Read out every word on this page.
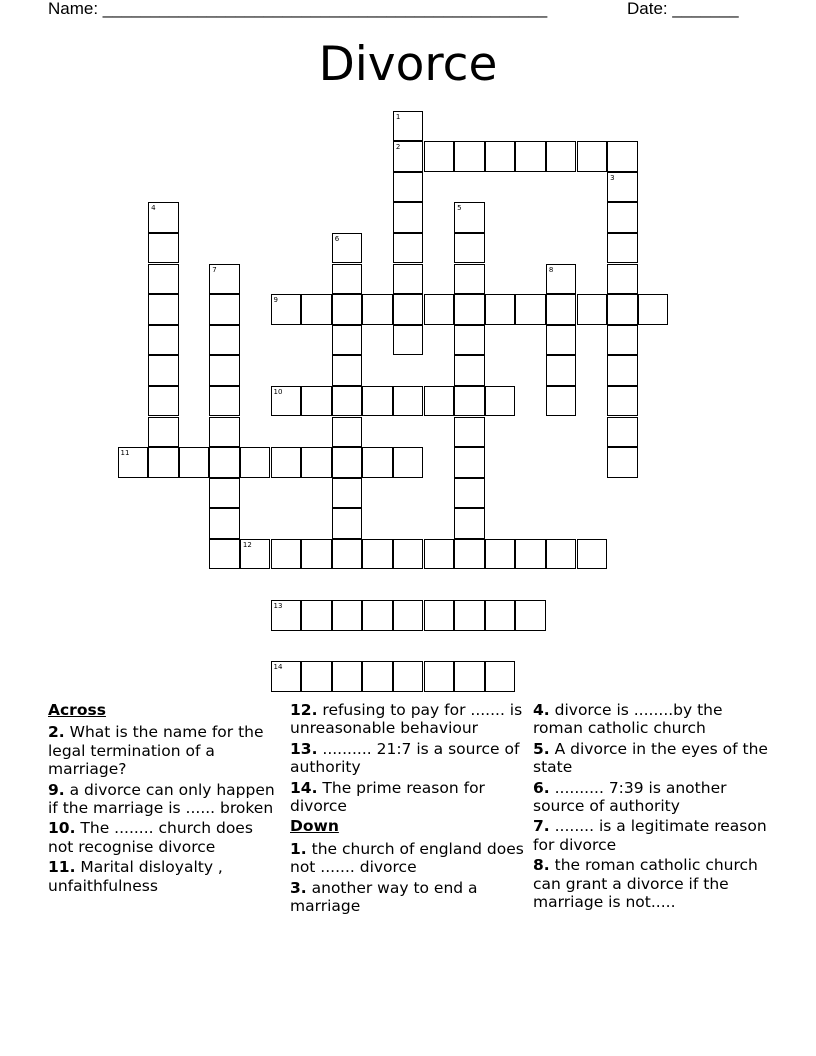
Name: _______________________________________________	Date: _______
Divorce
1
2
3
4	5
6
7	8
9
10
11
12
13
14
Across
2. What is the name for the legal termination of a marriage?
9. a divorce can only happen if the marriage is ...... broken
10. The ........ church does not recognise divorce
11. Marital disloyalty , unfaithfulness
12. refusing to pay for ....... is unreasonable behaviour
13. .......... 21:7 is a source of authority
14. The prime reason for divorce
Down
1. the church of england does not ....... divorce
3. another way to end a marriage
4. divorce is ........by the roman catholic church
5. A divorce in the eyes of the state
6. .......... 7:39 is another source of authority
7. ........ is a legitimate reason for divorce
8. the roman catholic church can grant a divorce if the marriage is not.....
